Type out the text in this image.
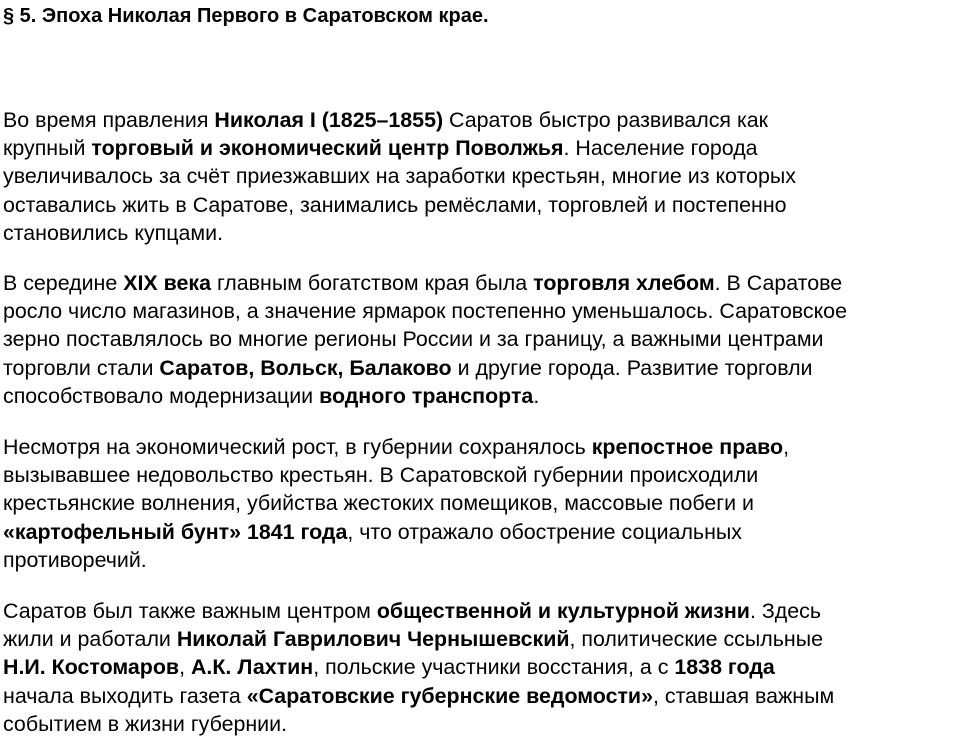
§ 5. Эпоха Николая Первого в Саратовском крае.
Во время правления Николая I (1825–1855) Саратов быстро развивался как
крупный торговый и экономический центр Поволжья. Население города
увеличивалось за счёт приезжавших на заработки крестьян, многие из которых
оставались жить в Саратове, занимались ремёслами, торговлей и постепенно
становились купцами.
В середине XIX века главным богатством края была торговля хлебом. В Саратове
росло число магазинов, а значение ярмарок постепенно уменьшалось. Саратовское
зерно поставлялось во многие регионы России и за границу, а важными центрами
торговли стали Саратов, Вольск, Балаково и другие города. Развитие торговли
способствовало модернизации водного транспорта.
Несмотря на экономический рост, в губернии сохранялось крепостное право,
вызывавшее недовольство крестьян. В Саратовской губернии происходили
крестьянские волнения, убийства жестоких помещиков, массовые побеги и
«картофельный бунт» 1841 года, что отражало обострение социальных
противоречий.
Саратов был также важным центром общественной и культурной жизни. Здесь
жили и работали Николай Гаврилович Чернышевский, политические ссыльные
Н.И. Костомаров, А.К. Лахтин, польские участники восстания, а с 1838 года
начала выходить газета «Саратовские губернские ведомости», ставшая важным
событием в жизни губернии.
